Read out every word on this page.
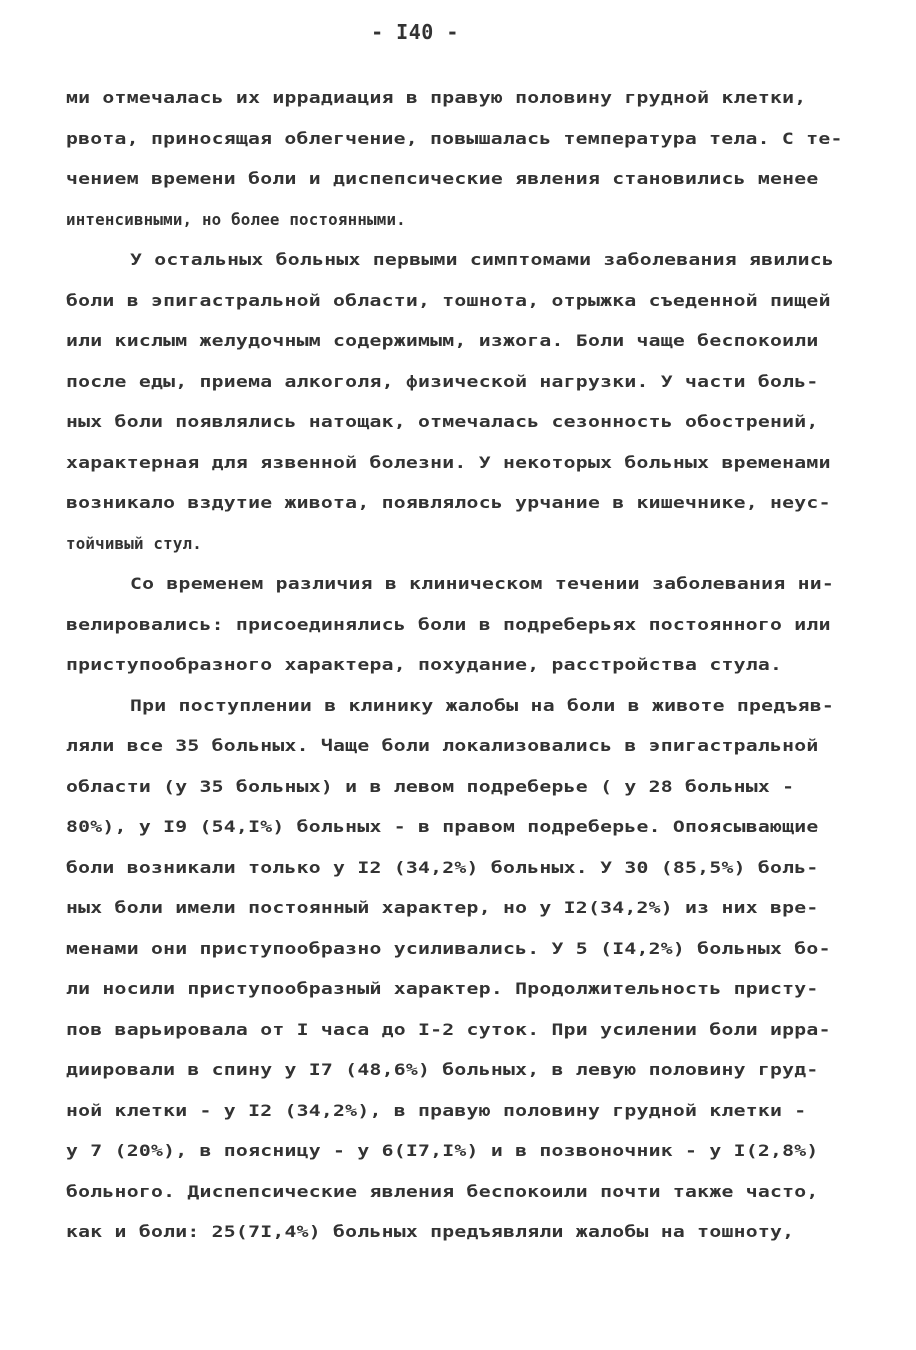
- I40 -
ми отмечалась их иррадиация в правую половину грудной клетки,
рвота, приносящая облегчение, повышалась температура тела. С те-
чением времени боли и диспепсические явления становились менее
интенсивными, но более постоянными.
У остальных больных первыми симптомами заболевания явились
боли в эпигастральной области, тошнота, отрыжка съеденной пищей
или кислым желудочным содержимым, изжога. Боли чаще беспокоили
после еды, приема алкоголя, физической нагрузки. У части боль-
ных боли появлялись натощак, отмечалась сезонность обострений,
характерная для язвенной болезни. У некоторых больных временами
возникало вздутие живота, появлялось урчание в кишечнике, неус-
тойчивый стул.
Со временем различия в клиническом течении заболевания ни-
велировались: присоединялись боли в подреберьях постоянного или
приступообразного характера, похудание, расстройства стула.
При поступлении в клинику жалобы на боли в животе предъяв-
ляли все 35 больных. Чаще боли локализовались в эпигастральной
области (у 35 больных) и в левом подреберье ( у 28 больных -
80%), у I9 (54,I%) больных - в правом подреберье. Опоясывающие
боли возникали только у I2 (34,2%) больных. У 30 (85,5%) боль-
ных боли имели постоянный характер, но у I2(34,2%) из них вре-
менами они приступообразно усиливались. У 5 (I4,2%) больных бо-
ли носили приступообразный характер. Продолжительность присту-
пов варьировала от I часа до I-2 суток. При усилении боли ирра-
диировали в спину у I7 (48,6%) больных, в левую половину груд-
ной клетки - у I2 (34,2%), в правую половину грудной клетки -
у 7 (20%), в поясницу - у 6(I7,I%) и в позвоночник - у I(2,8%)
больного. Диспепсические явления беспокоили почти также часто,
как и боли: 25(7I,4%) больных предъявляли жалобы на тошноту,
